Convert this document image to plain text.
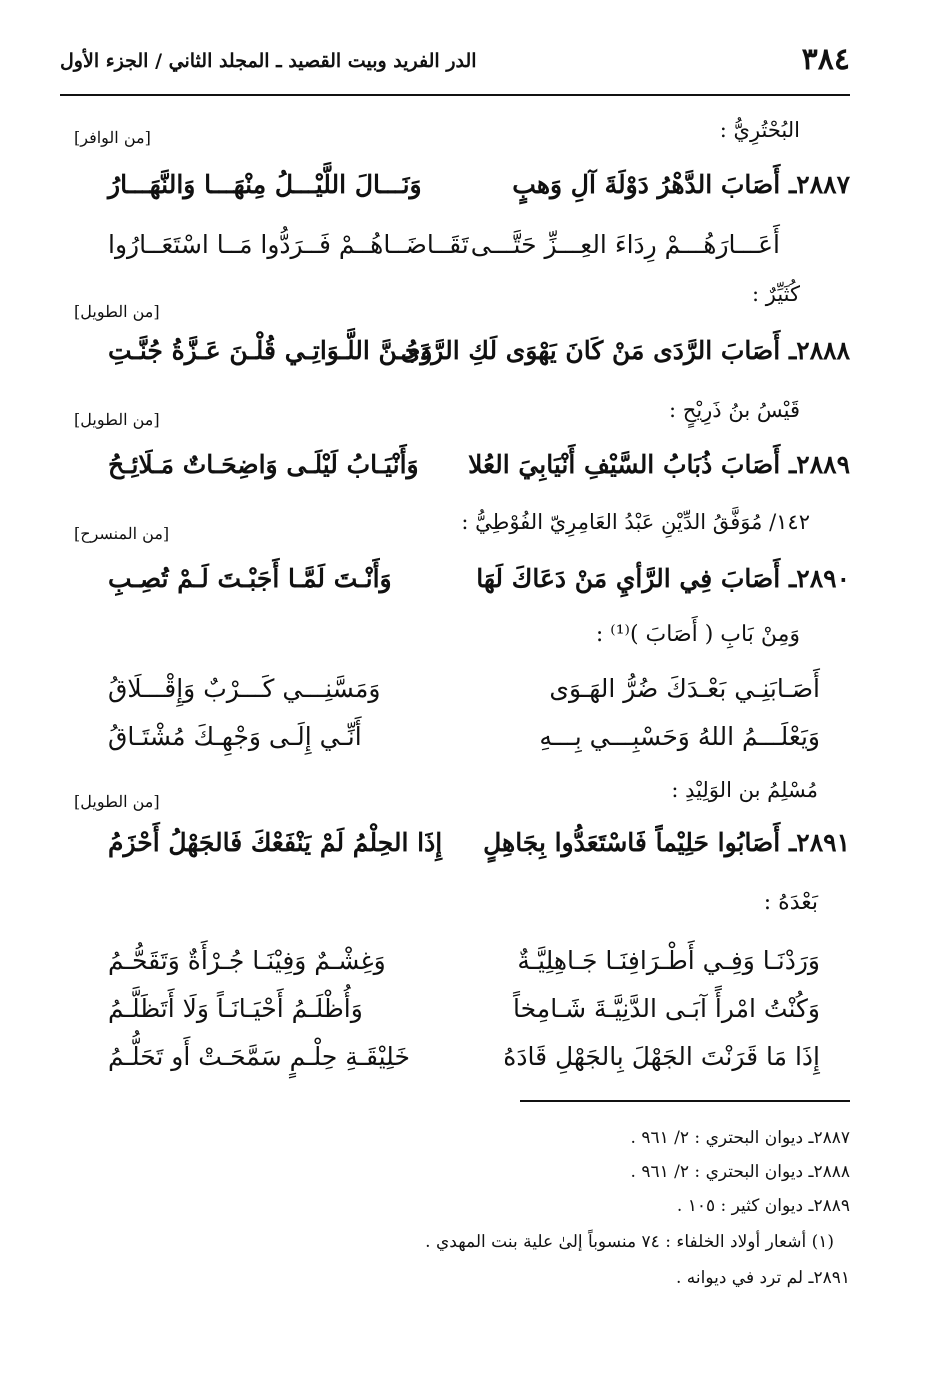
٣٨٤
الدر الفريد وبيت القصيد ـ المجلد الثاني / الجزء الأول
البُحْتُرِيُّ :
[من الوافر]
٢٨٨٧ـ أَصَابَ الدَّهْرُ دَوْلَةَ آلِ وَهبٍ
وَنَـــالَ اللَّيْـــلُ مِنْهَـــا وَالنَّهَـــارُ
أَعَـــارَهُـــمْ رِدَاءَ العِـــزِّ حَتَّـــى
تَقَــاضَــاهُــمْ فَــرَدُّوا مَــا اسْتَعَــارُوا
كُثَيِّرٌ :
[من الطويل]
٢٨٨٨ـ أَصَابَ الرَّدَى مَنْ كَانَ يَهْوَى لَكِ الرَّدَى
وَجُـنَّ اللَّـوَاتِـي قُلْـنَ عَـزَّةُ جُنَّـتِ
قَيْسُ بنُ ذَرِيْحٍ :
[من الطويل]
٢٨٨٩ـ أَصَابَ ذُبَابُ السَّيْفِ أَنْيَابِيَ العُلا
وَأَنْيَـابُ لَيْلَـى وَاضِحَـاتٌ مَـلَائِـحُ
١٤٢/ مُوَفَّقُ الدِّيْنِ عَبْدُ العَامِرِيّ الفُوْطِيُّ :
[من المنسرح]
٢٨٩٠ـ أَصَابَ فِي الرَّأيِ مَنْ دَعَاكَ لَهَا
وَأَنْـتَ لَمَّـا أَجَبْـتَ لَـمْ تُصِـبِ
وَمِنْ بَابِ ( أَصَابَ )⁽¹⁾ :
أَصَـابَنِـي بَعْـدَكَ ضُرُّ الهَـوَى
وَمَسَّنِـــي كَـــرْبٌ وَإِقْـــلَاقُ
وَيَعْلَـــمُ اللهُ وَحَسْبِـــي بِـــهِ
أَنِّـي إِلَـى وَجْهِـكَ مُشْتَـاقُ
مُسْلِمُ بن الوَلِيْدِ :
[من الطويل]
٢٨٩١ـ أَصَابُوا حَلِيْماً فَاسْتَعَدُّوا بِجَاهِلٍ
إِذَا الحِلْمُ لَمْ يَنْفَعْكَ فَالجَهْلُ أَحْزَمُ
بَعْدَهُ :
وَرَدْنَـا وَفِـي أَطْـرَافِنَـا جَـاهِلِيَّـةٌ
وَغِشْـمٌ وَفِيْنَـا جُـرْأَةٌ وَتَقَحُّـمُ
وَكُنْتُ امْرأً آبَـى الدَّنِيَّـةَ شَـامِخاً
وَأُظْلَـمُ أَحْيَـانَـاً وَلَا أَتَظَلَّـمُ
إِذَا مَا قَرَنْتَ الجَهْلَ بِالجَهْلِ قَادَهُ
خَلِيْقَـةِ حِلْـمٍ سَمَّحَـتْ أَو تَحَلُّـمُ
٢٨٨٧ـ ديوان البحتري : ٢/ ٩٦١ .
٢٨٨٨ـ ديوان البحتري : ٢/ ٩٦١ .
٢٨٨٩ـ ديوان كثير : ١٠٥ .
(١) أشعار أولاد الخلفاء : ٧٤ منسوباً إلىٰ علية بنت المهدي .
٢٨٩١ـ لم ترد في ديوانه .
